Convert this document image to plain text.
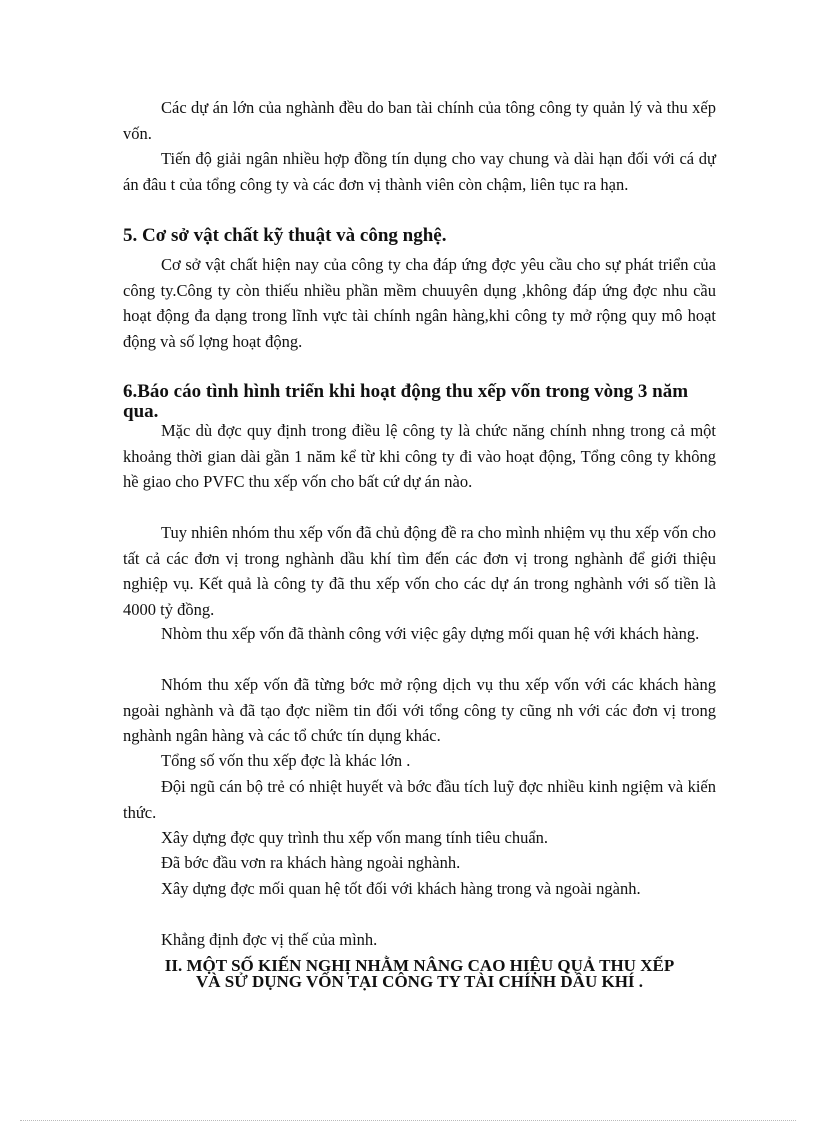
Các dự án lớn của nghành đều do ban tài chính của tông công ty quản lý và thu xếp vốn.

Tiến độ giải ngân nhiều hợp đồng tín dụng cho vay chung và dài hạn đối với cá dự án đâu t của tổng công ty và các đơn vị thành viên còn chậm, liên tục ra hạn.

5. Cơ sở vật chất kỹ thuật và công nghệ.

Cơ sở vật chất hiện nay của công ty cha đáp ứng đợc yêu cầu cho sự phát triển của công ty.Công ty còn thiếu nhiều phần mềm chuuyên dụng ,không đáp ứng đợc nhu cầu hoạt động đa dạng trong lĩnh vực tài chính ngân hàng,khi công ty mở rộng quy mô hoạt động và số lợng hoạt động.

6.Báo cáo tình hình triển khi hoạt động thu xếp vốn trong vòng 3 năm qua.

Mặc dù đợc quy định trong điều lệ công ty là chức năng chính nhng trong cả một khoảng thời gian dài gần 1 năm kể từ khi công ty đi vào hoạt động, Tổng công ty không hề giao cho PVFC thu xếp vốn cho bất cứ dự án nào.

Tuy nhiên nhóm thu xếp vốn đã chủ động đề ra cho mình nhiệm vụ thu xếp vốn cho tất cả các đơn vị trong nghành dầu khí tìm đến các đơn vị trong nghành để giới thiệu nghiệp vụ. Kết quả là công ty đã thu xếp vốn cho các dự án trong nghành với số tiền là 4000 tỷ đồng.

Nhòm thu xếp vốn đã thành công với việc gây dựng mối quan hệ với khách hàng.

Nhóm thu xếp vốn đã từng bớc mở rộng dịch vụ thu xếp vốn với các khách hàng ngoài nghành và đã tạo đợc niềm tin đối với tổng công ty cũng nh với các đơn vị trong nghành ngân hàng và các tổ chức tín dụng khác.

Tổng số vốn thu xếp đợc là khác lớn .

Đội ngũ cán bộ trẻ có nhiệt huyết và bớc đầu tích luỹ đợc nhiều kinh ngiệm và kiến thức.

Xây dựng đợc quy trình thu xếp vốn mang tính tiêu chuẩn.

Đã bớc đầu vơn ra khách hàng ngoài nghành.

Xây dựng đợc mối quan hệ tốt đối với khách hàng trong và ngoài ngành.

Khẳng định đợc vị thế của mình.

II. MỘT SỐ KIẾN NGHỊ NHẰM NÂNG CAO HIỆU QUẢ THU XẾP
VÀ SỬ DỤNG VỐN TẠI CÔNG TY TÀI CHÍNH DẦU KHÍ .
